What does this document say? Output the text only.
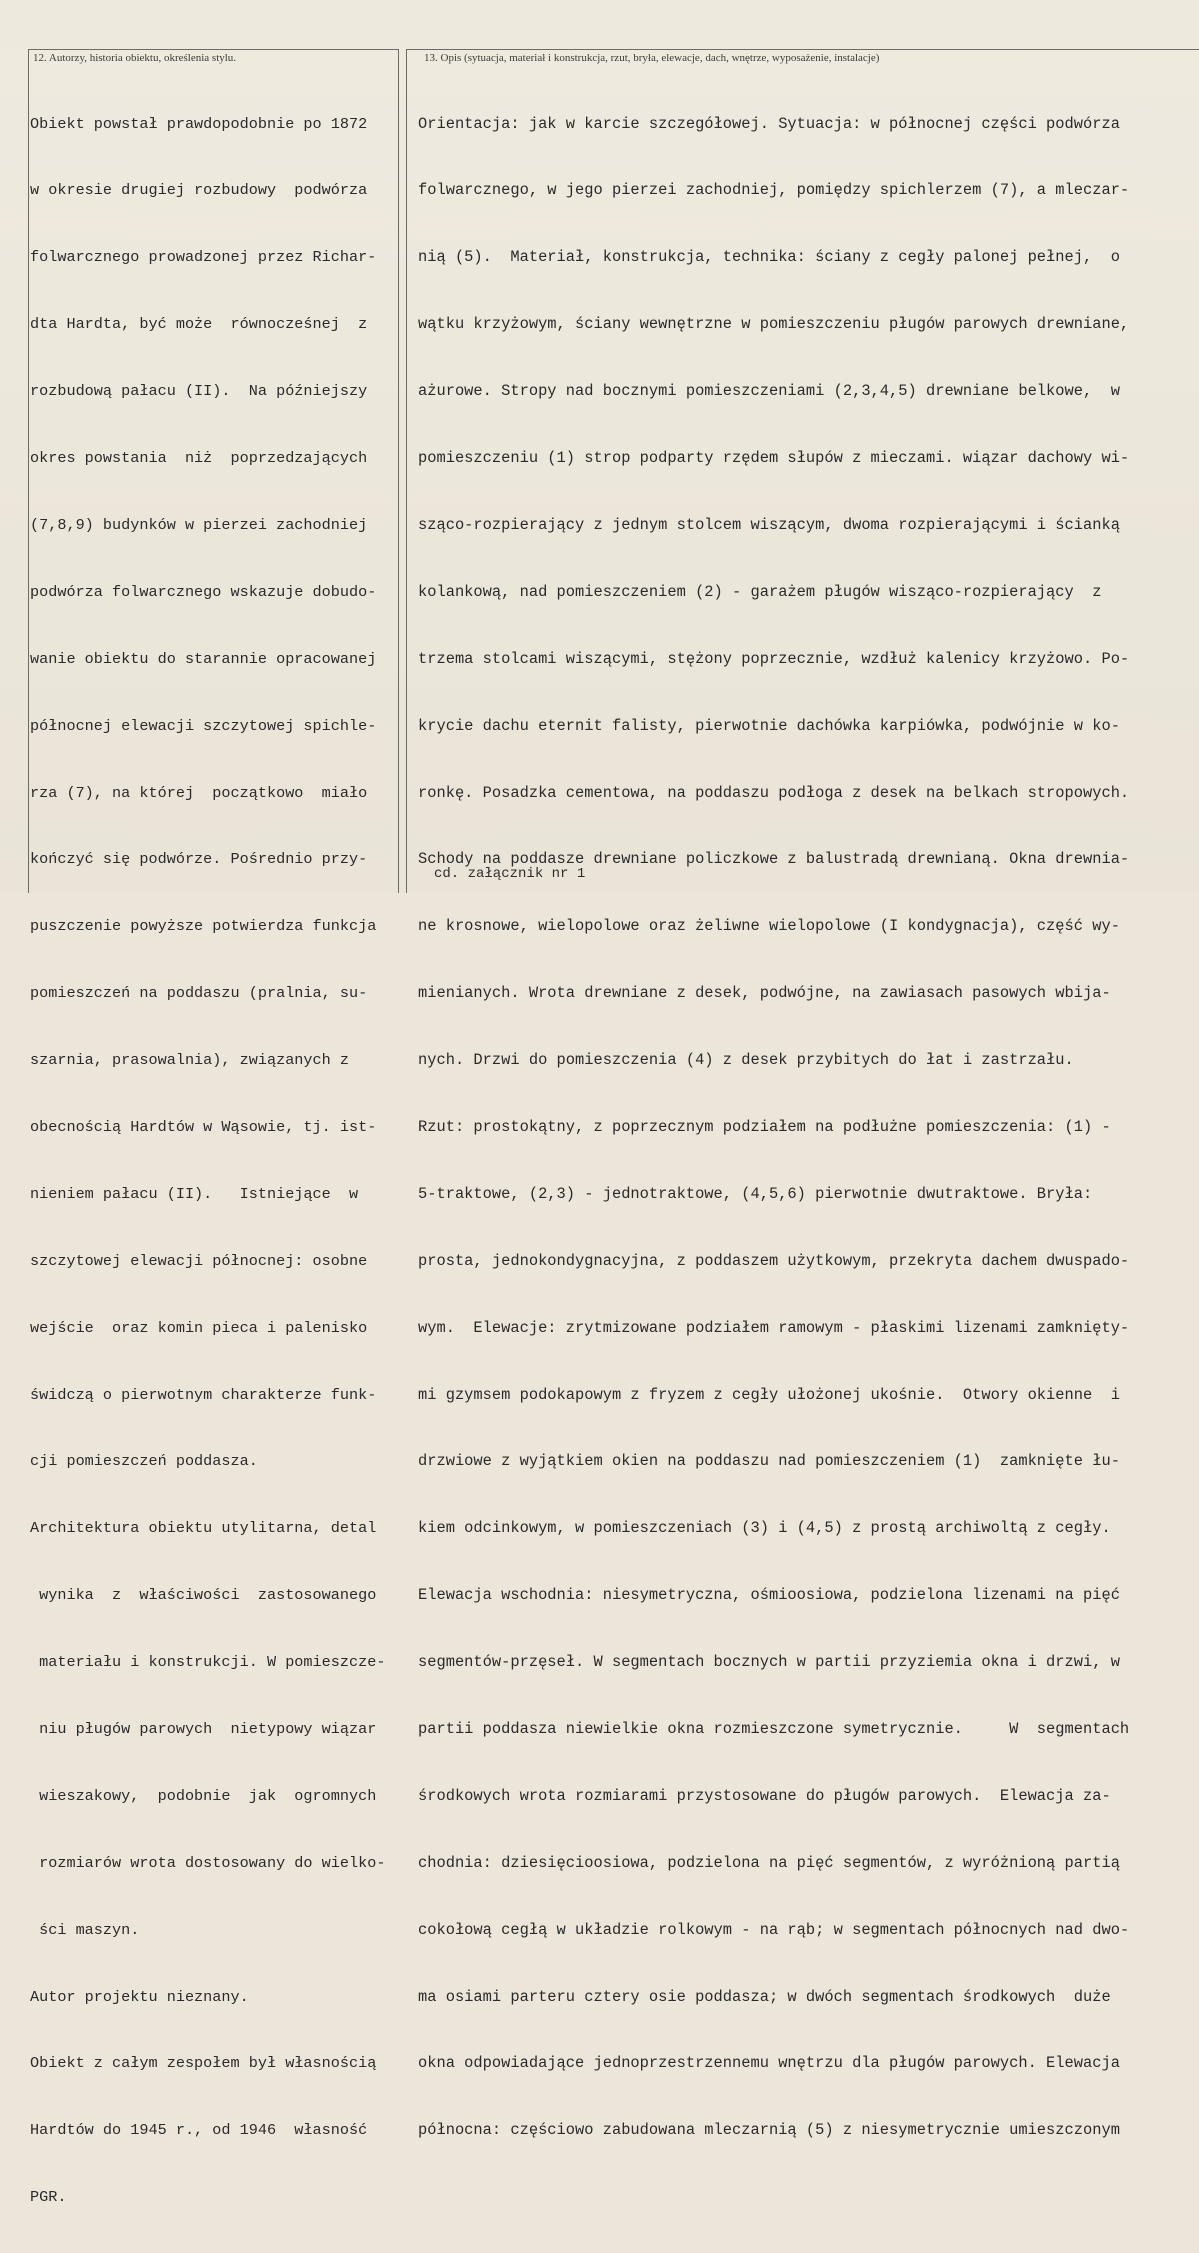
12. Autorzy, historia obiektu, określenia stylu.	13. Opis (sytuacja, materiał i konstrukcja, rzut, bryła, elewacje, dach, wnętrze, wyposażenie, instalacje)

Obiekt powstał prawdopodobnie po 1872

w okresie drugiej rozbudowy  podwórza

folwarcznego prowadzonej przez Richar-

dta Hardta, być może  równocześnej  z

rozbudową pałacu (II).  Na późniejszy

okres powstania  niż  poprzedzających

(7,8,9) budynków w pierzei zachodniej

podwórza folwarcznego wskazuje dobudo-

wanie obiektu do starannie opracowanej

północnej elewacji szczytowej spichle-

rza (7), na której  początkowo  miało

kończyć się podwórze. Pośrednio przy-

puszczenie powyższe potwierdza funkcja

pomieszczeń na poddaszu (pralnia, su-

szarnia, prasowalnia), związanych z

obecnością Hardtów w Wąsowie, tj. ist-

nieniem pałacu (II).   Istniejące  w

szczytowej elewacji północnej: osobne

wejście  oraz komin pieca i palenisko

świdczą o pierwotnym charakterze funk-

cji pomieszczeń poddasza.

Architektura obiektu utylitarna, detal

wynika  z  właściwości  zastosowanego

materiału i konstrukcji. W pomieszcze-

niu pługów parowych  nietypowy wiązar

wieszakowy,  podobnie  jak  ogromnych

rozmiarów wrota dostosowany do wielko-

ści maszyn.

Autor projektu nieznany.

Obiekt z całym zespołem był własnością

Hardtów do 1945 r., od 1946  własność

PGR.

Orientacja: jak w karcie szczegółowej. Sytuacja: w północnej części podwórza

folwarcznego, w jego pierzei zachodniej, pomiędzy spichlerzem (7), a mleczar-

nią (5).  Materiał, konstrukcja, technika: ściany z cegły palonej pełnej,  o

wątku krzyżowym, ściany wewnętrzne w pomieszczeniu pługów parowych drewniane,

ażurowe. Stropy nad bocznymi pomieszczeniami (2,3,4,5) drewniane belkowe,  w

pomieszczeniu (1) strop podparty rzędem słupów z mieczami. wiązar dachowy wi-

sząco-rozpierający z jednym stolcem wiszącym, dwoma rozpierającymi i ścianką

kolankową, nad pomieszczeniem (2) - garażem pługów wisząco-rozpierający  z

trzema stolcami wiszącymi, stężony poprzecznie, wzdłuż kalenicy krzyżowo. Po-

krycie dachu eternit falisty, pierwotnie dachówka karpiówka, podwójnie w ko-

ronkę. Posadzka cementowa, na poddaszu podłoga z desek na belkach stropowych.

Schody na poddasze drewniane policzkowe z balustradą drewnianą. Okna drewnia-

ne krosnowe, wielopolowe oraz żeliwne wielopolowe (I kondygnacja), część wy-

mienianych. Wrota drewniane z desek, podwójne, na zawiasach pasowych wbija-

nych. Drzwi do pomieszczenia (4) z desek przybitych do łat i zastrzału.

Rzut: prostokątny, z poprzecznym podziałem na podłużne pomieszczenia: (1) -

5-traktowe, (2,3) - jednotraktowe, (4,5,6) pierwotnie dwutraktowe. Bryła:

prosta, jednokondygnacyjna, z poddaszem użytkowym, przekryta dachem dwuspado-

wym.  Elewacje: zrytmizowane podziałem ramowym - płaskimi lizenami zamknięty-

mi gzymsem podokapowym z fryzem z cegły ułożonej ukośnie.  Otwory okienne  i

drzwiowe z wyjątkiem okien na poddaszu nad pomieszczeniem (1)  zamknięte łu-

kiem odcinkowym, w pomieszczeniach (3) i (4,5) z prostą archiwoltą z cegły.

Elewacja wschodnia: niesymetryczna, ośmioosiowa, podzielona lizenami na pięć

segmentów-przęseł. W segmentach bocznych w partii przyziemia okna i drzwi, w

partii poddasza niewielkie okna rozmieszczone symetrycznie.     W  segmentach

środkowych wrota rozmiarami przystosowane do pługów parowych.  Elewacja za-

chodnia: dziesięcioosiowa, podzielona na pięć segmentów, z wyróżnioną partią

cokołową cegłą w układzie rolkowym - na rąb; w segmentach północnych nad dwo-

ma osiami parteru cztery osie poddasza; w dwóch segmentach środkowych  duże

okna odpowiadające jednoprzestrzennemu wnętrzu dla pługów parowych. Elewacja

północna: częściowo zabudowana mleczarnią (5) z niesymetrycznie umieszczonym

cd. załącznik nr 1
